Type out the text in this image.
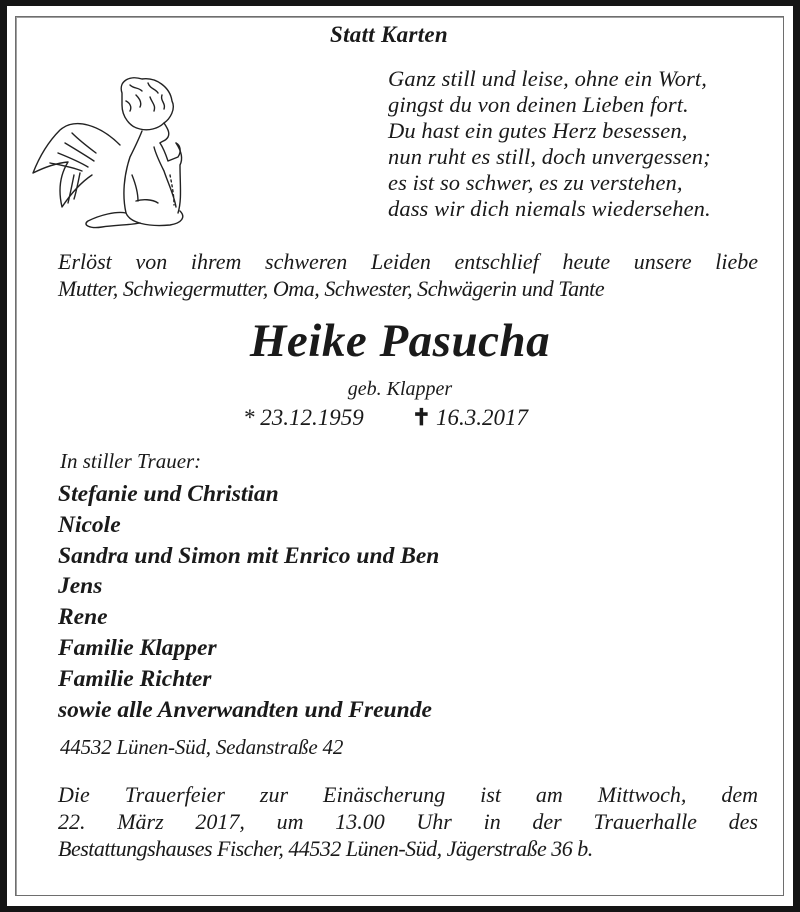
Statt Karten
Ganz still und leise, ohne ein Wort,
gingst du von deinen Lieben fort.
Du hast ein gutes Herz besessen,
nun ruht es still, doch unvergessen;
es ist so schwer, es zu verstehen,
dass wir dich niemals wiedersehen.
Erlöst von ihrem schweren Leiden entschlief heute unsere liebe
Mutter, Schwiegermutter, Oma, Schwester, Schwägerin und Tante
Heike Pasucha
geb. Klapper
* 23.12.1959 ✝ 16.3.2017
In stiller Trauer:
Stefanie und Christian
Nicole
Sandra und Simon mit Enrico und Ben
Jens
Rene
Familie Klapper
Familie Richter
sowie alle Anverwandten und Freunde
44532 Lünen-Süd, Sedanstraße 42
Die Trauerfeier zur Einäscherung ist am Mittwoch, dem
22. März 2017, um 13.00 Uhr in der Trauerhalle des
Bestattungshauses Fischer, 44532 Lünen-Süd, Jägerstraße 36 b.
